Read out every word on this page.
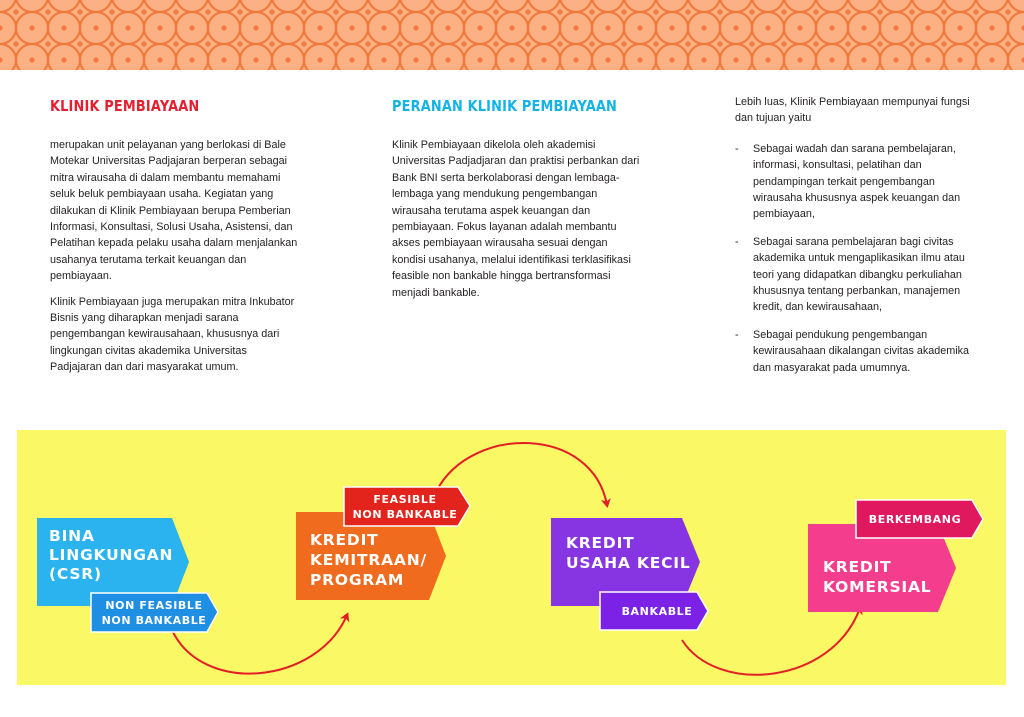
KLINIK PEMBIAYAAN

merupakan unit pelayanan yang berlokasi di Bale Motekar Universitas Padjajaran berperan sebagai mitra wirausaha di dalam membantu memahami seluk beluk pembiayaan usaha. Kegiatan yang dilakukan di Klinik Pembiayaan berupa Pemberian Informasi, Konsultasi, Solusi Usaha, Asistensi, dan Pelatihan kepada pelaku usaha dalam menjalankan usahanya terutama terkait keuangan dan pembiayaan.

Klinik Pembiayaan juga merupakan mitra Inkubator Bisnis yang diharapkan menjadi sarana pengembangan kewirausahaan, khususnya dari lingkungan civitas akademika Universitas Padjajaran dan dari masyarakat umum.

PERANAN KLINIK PEMBIAYAAN

Klinik Pembiayaan dikelola oleh akademisi Universitas Padjadjaran dan praktisi perbankan dari Bank BNI serta berkolaborasi dengan lembaga-lembaga yang mendukung pengembangan wirausaha terutama aspek keuangan dan pembiayaan. Fokus layanan adalah membantu akses pembiayaan wirausaha sesuai dengan kondisi usahanya, melalui identifikasi terklasifikasi feasible non bankable hingga bertransformasi menjadi bankable.

Lebih luas, Klinik Pembiayaan mempunyai fungsi dan tujuan yaitu

- Sebagai wadah dan sarana pembelajaran, informasi, konsultasi, pelatihan dan pendampingan terkait pengembangan wirausaha khususnya aspek keuangan dan pembiayaan,
- Sebagai sarana pembelajaran bagi civitas akademika untuk mengaplikasikan ilmu atau teori yang didapatkan dibangku perkuliahan khususnya tentang perbankan, manajemen kredit, dan kewirausahaan,
- Sebagai pendukung pengembangan kewirausahaan dikalangan civitas akademika dan masyarakat pada umumnya.
BINA
LINGKUNGAN
(CSR)
NON FEASIBLE
NON BANKABLE
KREDIT
KEMITRAAN/
PROGRAM
FEASIBLE
NON BANKABLE
KREDIT
USAHA KECIL
BANKABLE
KREDIT
KOMERSIAL
BERKEMBANG
